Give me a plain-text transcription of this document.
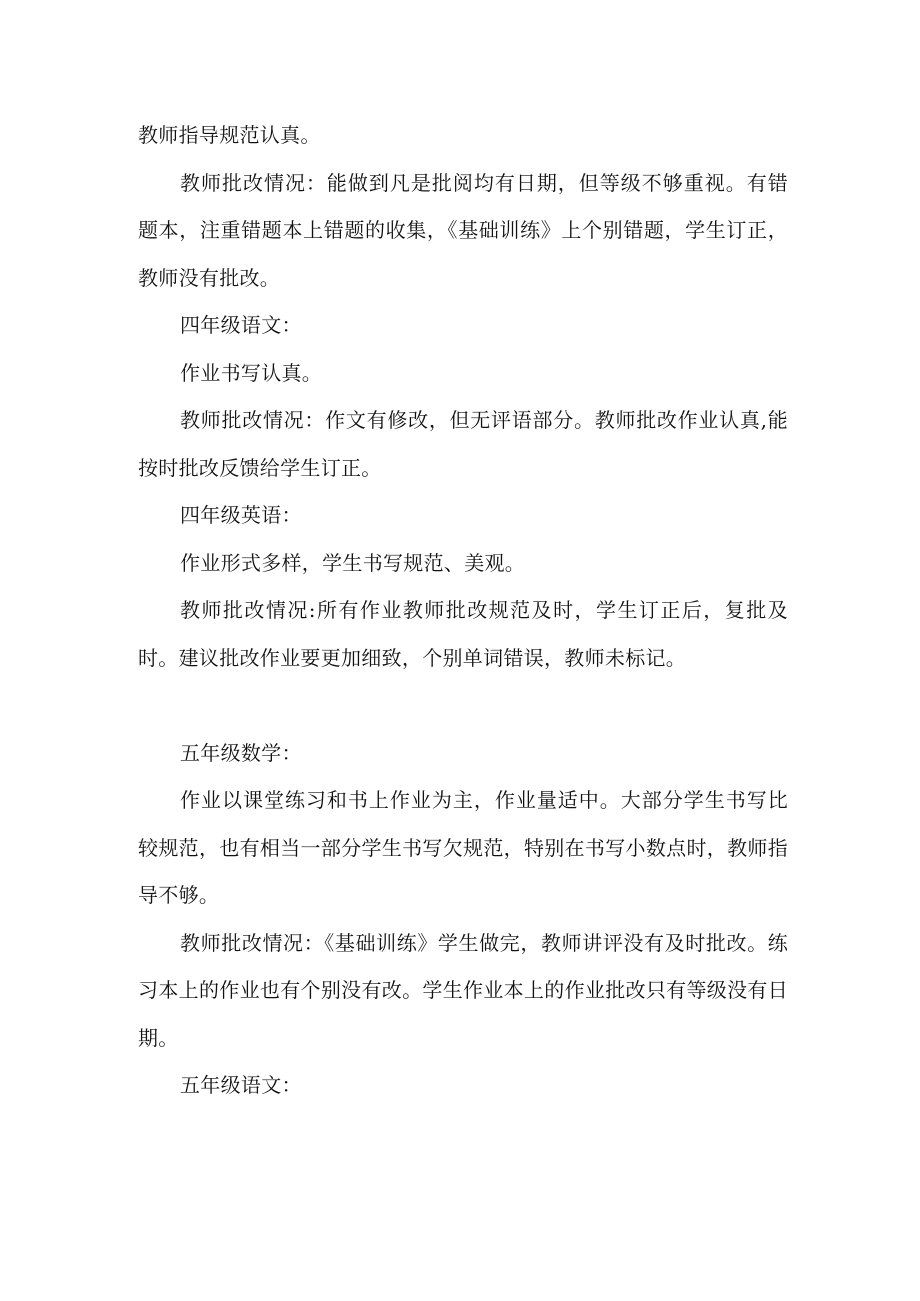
教师指导规范认真。

教师批改情况：能做到凡是批阅均有日期，但等级不够重视。有错题本，注重错题本上错题的收集，《基础训练》上个别错题，学生订正，教师没有批改。

四年级语文：

作业书写认真。

教师批改情况：作文有修改，但无评语部分。教师批改作业认真,能按时批改反馈给学生订正。

四年级英语：

作业形式多样，学生书写规范、美观。

教师批改情况:所有作业教师批改规范及时，学生订正后，复批及时。建议批改作业要更加细致，个别单词错误，教师未标记。

五年级数学：

作业以课堂练习和书上作业为主，作业量适中。大部分学生书写比较规范，也有相当一部分学生书写欠规范，特别在书写小数点时，教师指导不够。

教师批改情况：《基础训练》学生做完，教师讲评没有及时批改。练习本上的作业也有个别没有改。学生作业本上的作业批改只有等级没有日期。

五年级语文：
